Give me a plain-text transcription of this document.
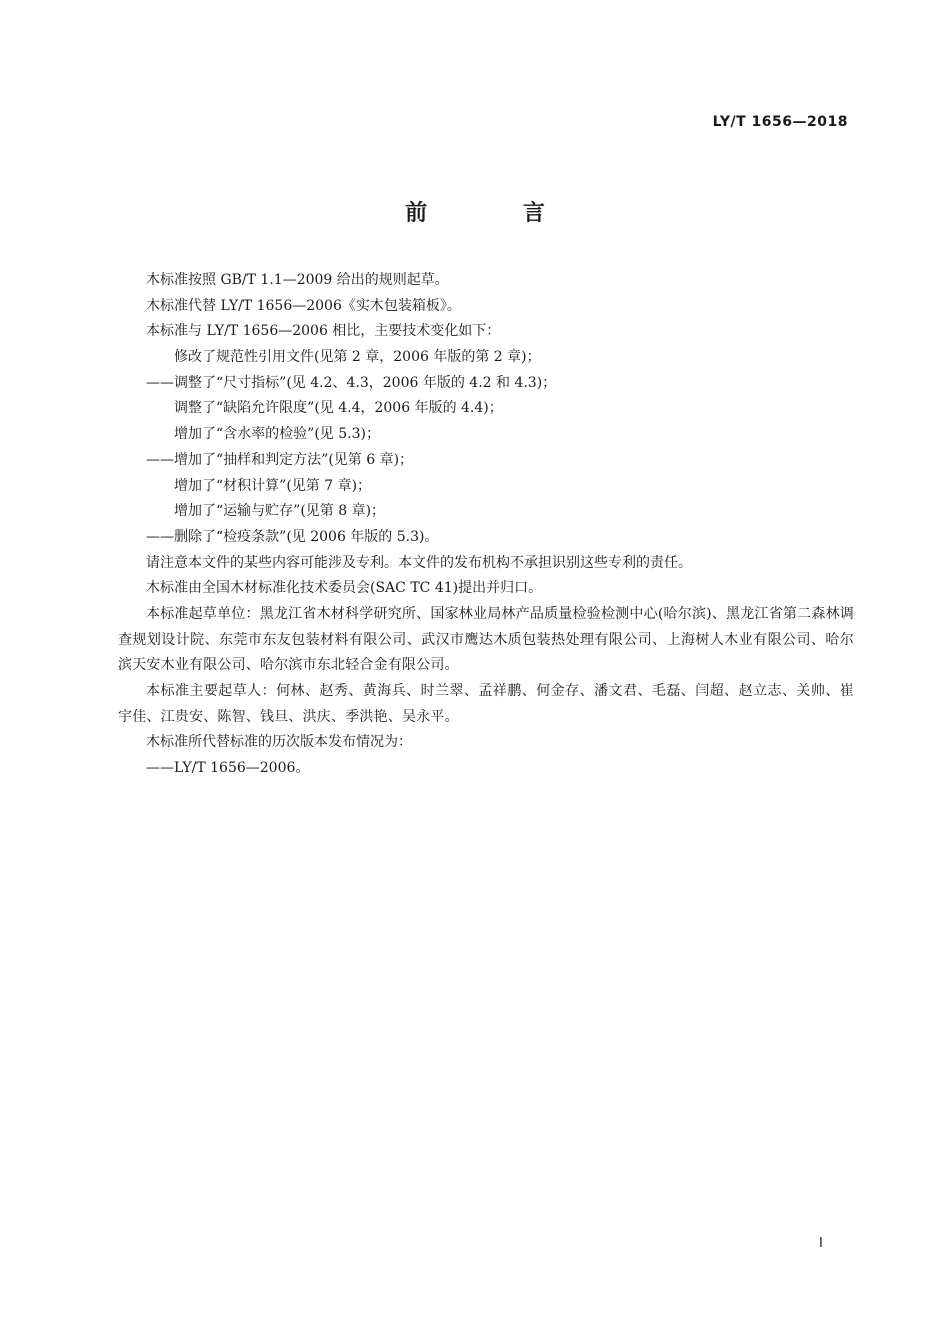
LY/T 1656—2018
前 言
木标准按照 GB/T 1.1—2009 给出的规则起草。
木标准代替 LY/T 1656—2006《实木包装箱板》。
本标准与 LY/T 1656—2006 相比，主要技术变化如下：
修改了规范性引用文件(见第 2 章，2006 年版的第 2 章)；
——调整了“尺寸指标”(见 4.2、4.3，2006 年版的 4.2 和 4.3)；
调整了“缺陷允许限度”(见 4.4，2006 年版的 4.4)；
增加了“含水率的检验”(见 5.3)；
——增加了“抽样和判定方法”(见第 6 章)；
增加了“材积计算”(见第 7 章)；
增加了“运输与贮存”(见第 8 章)；
——删除了“检疫条款”(见 2006 年版的 5.3)。
请注意本文件的某些内容可能涉及专利。本文件的发布机构不承担识别这些专利的责任。
木标准由全国木材标准化技术委员会(SAC TC 41)提出并归口。
本标准起草单位：黑龙江省木材科学研究所、国家林业局林产品质量检验检测中心(哈尔滨)、黑龙江省第二森林调查规划设计院、东莞市东友包装材料有限公司、武汉市鹰达木质包装热处理有限公司、上海树人木业有限公司、哈尔滨天安木业有限公司、哈尔滨市东北轻合金有限公司。
本标准主要起草人：何林、赵秀、黄海兵、时兰翠、孟祥鹏、何金存、潘文君、毛磊、闫超、赵立志、关帅、崔宇佳、江贵安、陈智、钱旦、洪庆、季洪艳、吴永平。
木标准所代替标准的历次版本发布情况为：
——LY/T 1656—2006。
I
